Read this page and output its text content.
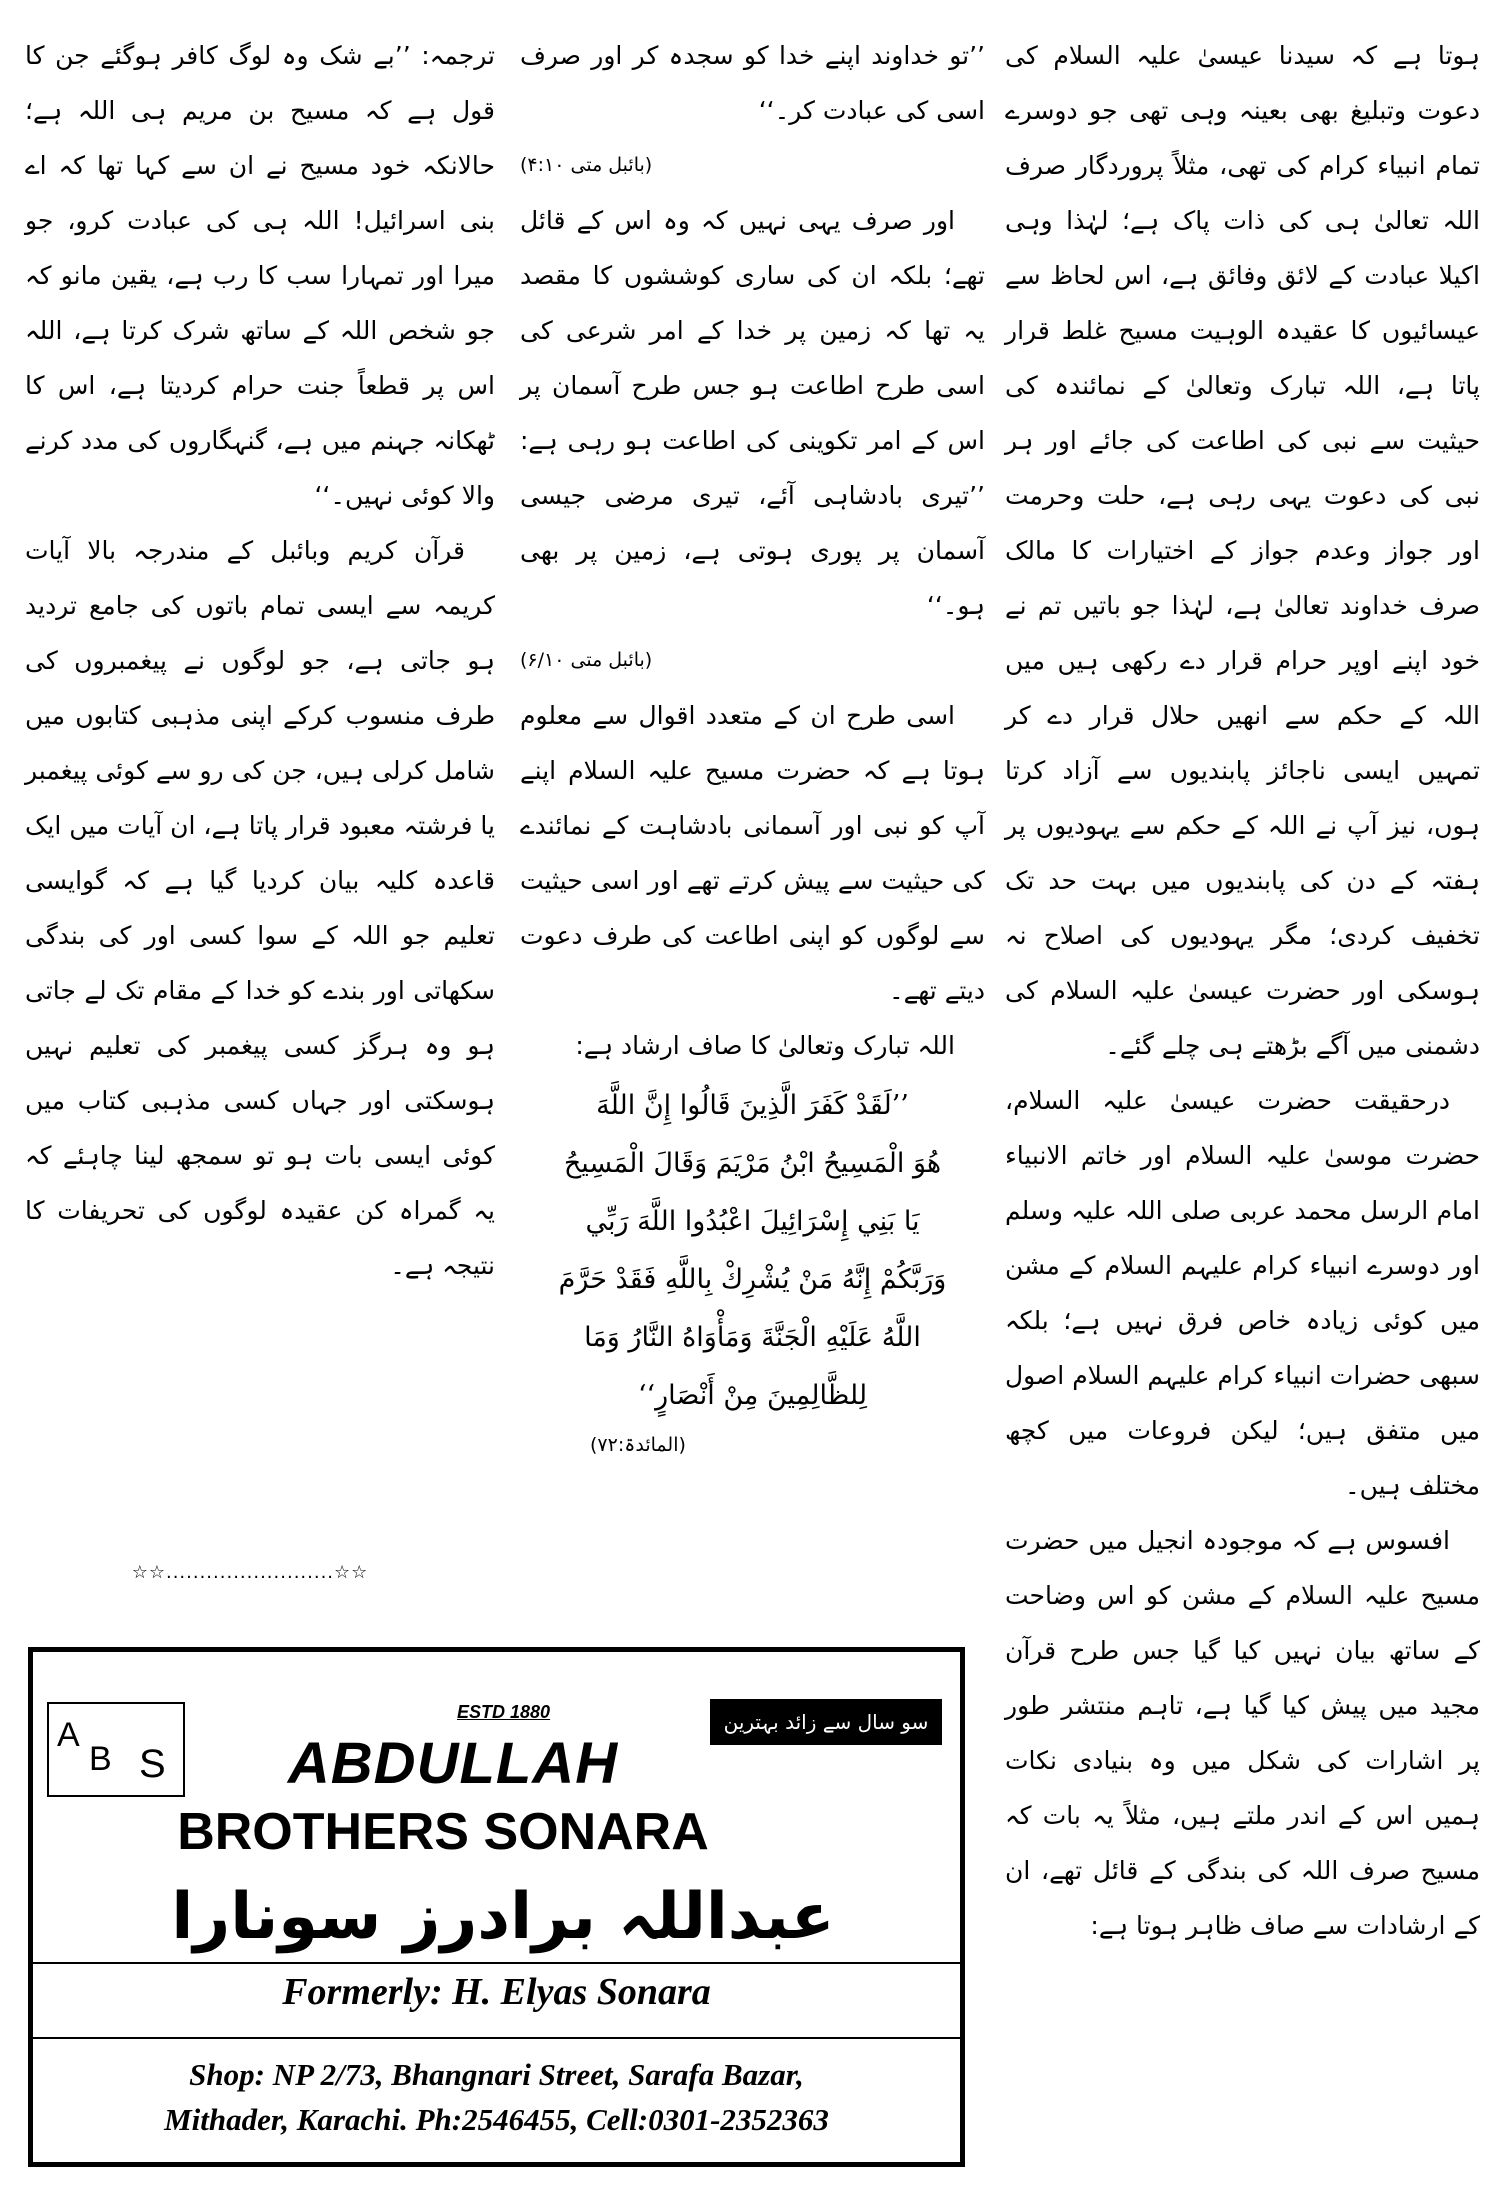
ہوتا ہے کہ سیدنا عیسیٰ علیہ السلام کی دعوت وتبلیغ بھی بعینہ وہی تھی جو دوسرے تمام انبیاء کرام کی تھی، مثلاً پروردگار صرف اللہ تعالیٰ ہی کی ذات پاک ہے؛ لہٰذا وہی اکیلا عبادت کے لائق وفائق ہے، اس لحاظ سے عیسائیوں کا عقیدہ الوہیت مسیح غلط قرار پاتا ہے، اللہ تبارک وتعالیٰ کے نمائندہ کی حیثیت سے نبی کی اطاعت کی جائے اور ہر نبی کی دعوت یہی رہی ہے، حلت وحرمت اور جواز وعدم جواز کے اختیارات کا مالک صرف خداوند تعالیٰ ہے، لہٰذا جو باتیں تم نے خود اپنے اوپر حرام قرار دے رکھی ہیں میں اللہ کے حکم سے انھیں حلال قرار دے کر تمہیں ایسی ناجائز پابندیوں سے آزاد کرتا ہوں، نیز آپ نے اللہ کے حکم سے یہودیوں پر ہفتہ کے دن کی پابندیوں میں بہت حد تک تخفیف کردی؛ مگر یہودیوں کی اصلاح نہ ہوسکی اور حضرت عیسیٰ علیہ السلام کی دشمنی میں آگے بڑھتے ہی چلے گئے۔

درحقیقت حضرت عیسیٰ علیہ السلام، حضرت موسیٰ علیہ السلام اور خاتم الانبیاء امام الرسل محمد عربی صلی اللہ علیہ وسلم اور دوسرے انبیاء کرام علیہم السلام کے مشن میں کوئی زیادہ خاص فرق نہیں ہے؛ بلکہ سبھی حضرات انبیاء کرام علیہم السلام اصول میں متفق ہیں؛ لیکن فروعات میں کچھ مختلف ہیں۔

افسوس ہے کہ موجودہ انجیل میں حضرت مسیح علیہ السلام کے مشن کو اس وضاحت کے ساتھ بیان نہیں کیا گیا جس طرح قرآن مجید میں پیش کیا گیا ہے، تاہم منتشر طور پر اشارات کی شکل میں وہ بنیادی نکات ہمیں اس کے اندر ملتے ہیں، مثلاً یہ بات کہ مسیح صرف اللہ کی بندگی کے قائل تھے، ان کے ارشادات سے صاف ظاہر ہوتا ہے:

’’تو خداوند اپنے خدا کو سجدہ کر اور صرف اسی کی عبادت کر۔‘‘

(بائبل متی ۴:۱۰)

اور صرف یہی نہیں کہ وہ اس کے قائل تھے؛ بلکہ ان کی ساری کوششوں کا مقصد یہ تھا کہ زمین پر خدا کے امر شرعی کی اسی طرح اطاعت ہو جس طرح آسمان پر اس کے امر تکوینی کی اطاعت ہو رہی ہے: ’’تیری بادشاہی آئے، تیری مرضی جیسی آسمان پر پوری ہوتی ہے، زمین پر بھی ہو۔‘‘

(بائبل متی ۶/۱۰)

اسی طرح ان کے متعدد اقوال سے معلوم ہوتا ہے کہ حضرت مسیح علیہ السلام اپنے آپ کو نبی اور آسمانی بادشاہت کے نمائندے کی حیثیت سے پیش کرتے تھے اور اسی حیثیت سے لوگوں کو اپنی اطاعت کی طرف دعوت دیتے تھے۔

اللہ تبارک وتعالیٰ کا صاف ارشاد ہے:

’’لَقَدْ كَفَرَ الَّذِينَ قَالُوا إِنَّ اللَّهَ
هُوَ الْمَسِيحُ ابْنُ مَرْيَمَ وَقَالَ الْمَسِيحُ
يَا بَنِي إِسْرَائِيلَ اعْبُدُوا اللَّهَ رَبِّي
وَرَبَّكُمْ إِنَّهُ مَنْ يُشْرِكْ بِاللَّهِ فَقَدْ حَرَّمَ
اللَّهُ عَلَيْهِ الْجَنَّةَ وَمَأْوَاهُ النَّارُ وَمَا
لِلظَّالِمِينَ مِنْ أَنْصَارٍ‘‘
(المائدۃ:۷۲)

ترجمہ: ’’بے شک وہ لوگ کافر ہوگئے جن کا قول ہے کہ مسیح بن مریم ہی اللہ ہے؛ حالانکہ خود مسیح نے ان سے کہا تھا کہ اے بنی اسرائیل! اللہ ہی کی عبادت کرو، جو میرا اور تمہارا سب کا رب ہے، یقین مانو کہ جو شخص اللہ کے ساتھ شرک کرتا ہے، اللہ اس پر قطعاً جنت حرام کردیتا ہے، اس کا ٹھکانہ جہنم میں ہے، گنہگاروں کی مدد کرنے والا کوئی نہیں۔‘‘

قرآن کریم وبائبل کے مندرجہ بالا آیات کریمہ سے ایسی تمام باتوں کی جامع تردید ہو جاتی ہے، جو لوگوں نے پیغمبروں کی طرف منسوب کرکے اپنی مذہبی کتابوں میں شامل کرلی ہیں، جن کی رو سے کوئی پیغمبر یا فرشتہ معبود قرار پاتا ہے، ان آیات میں ایک قاعدہ کلیہ بیان کردیا گیا ہے کہ گوایسی تعلیم جو اللہ کے سوا کسی اور کی بندگی سکھاتی اور بندے کو خدا کے مقام تک لے جاتی ہو وہ ہرگز کسی پیغمبر کی تعلیم نہیں ہوسکتی اور جہاں کسی مذہبی کتاب میں کوئی ایسی بات ہو تو سمجھ لینا چاہئے کہ یہ گمراہ کن عقیدہ لوگوں کی تحریفات کا نتیجہ ہے۔

☆☆.........................☆☆
A
B S
ESTD 1880	سو سال سے زائد بہترین خدمت
ABDULLAH
BROTHERS SONARA
عبداللہ برادرز سونارا
Formerly: H. Elyas Sonara
Shop: NP 2/73, Bhangnari Street, Sarafa Bazar,
Mithader, Karachi. Ph:2546455, Cell:0301-2352363
